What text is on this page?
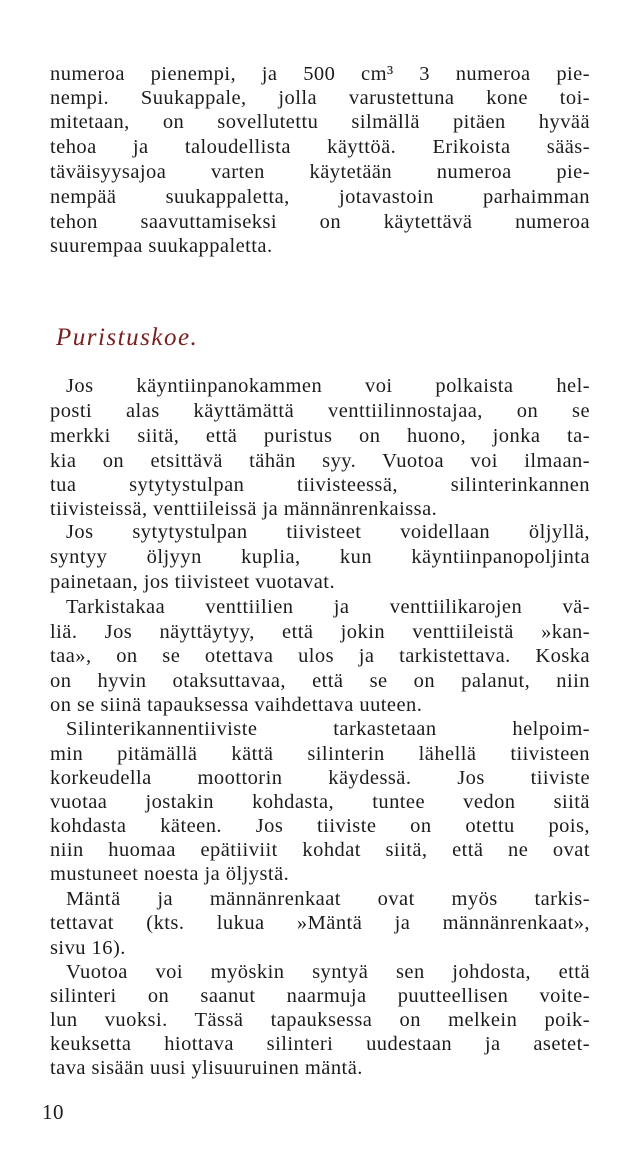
numeroa pienempi, ja 500 cm³ 3 numeroa pie-
nempi. Suukappale, jolla varustettuna kone toi-
mitetaan, on sovellutettu silmällä pitäen hyvää
tehoa ja taloudellista käyttöä. Erikoista sääs-
täväisyysajoa varten käytetään numeroa pie-
nempää suukappaletta, jotavastoin parhaimman
tehon saavuttamiseksi on käytettävä numeroa
suurempaa suukappaletta.
Puristuskoe.
Jos käyntiinpanokammen voi polkaista hel-
posti alas käyttämättä venttiilinnostajaa, on se
merkki siitä, että puristus on huono, jonka ta-
kia on etsittävä tähän syy. Vuotoa voi ilmaan-
tua sytytystulpan tiivisteessä, silinterinkannen
tiivisteissä, venttiileissä ja männänrenkaissa.
Jos sytytystulpan tiivisteet voidellaan öljyllä,
syntyy öljyyn kuplia, kun käyntiinpanopoljinta
painetaan, jos tiivisteet vuotavat.
Tarkistakaa venttiilien ja venttiilikarojen vä-
liä. Jos näyttäytyy, että jokin venttiileistä »kan-
taa», on se otettava ulos ja tarkistettava. Koska
on hyvin otaksuttavaa, että se on palanut, niin
on se siinä tapauksessa vaihdettava uuteen.
Silinterikannentiiviste tarkastetaan helpoim-
min pitämällä kättä silinterin lähellä tiivisteen
korkeudella moottorin käydessä. Jos tiiviste
vuotaa jostakin kohdasta, tuntee vedon siitä
kohdasta käteen. Jos tiiviste on otettu pois,
niin huomaa epätiiviit kohdat siitä, että ne ovat
mustuneet noesta ja öljystä.
Mäntä ja männänrenkaat ovat myös tarkis-
tettavat (kts. lukua »Mäntä ja männänrenkaat»,
sivu 16).
Vuotoa voi myöskin syntyä sen johdosta, että
silinteri on saanut naarmuja puutteellisen voite-
lun vuoksi. Tässä tapauksessa on melkein poik-
keuksetta hiottava silinteri uudestaan ja asetet-
tava sisään uusi ylisuuruinen mäntä.
10
